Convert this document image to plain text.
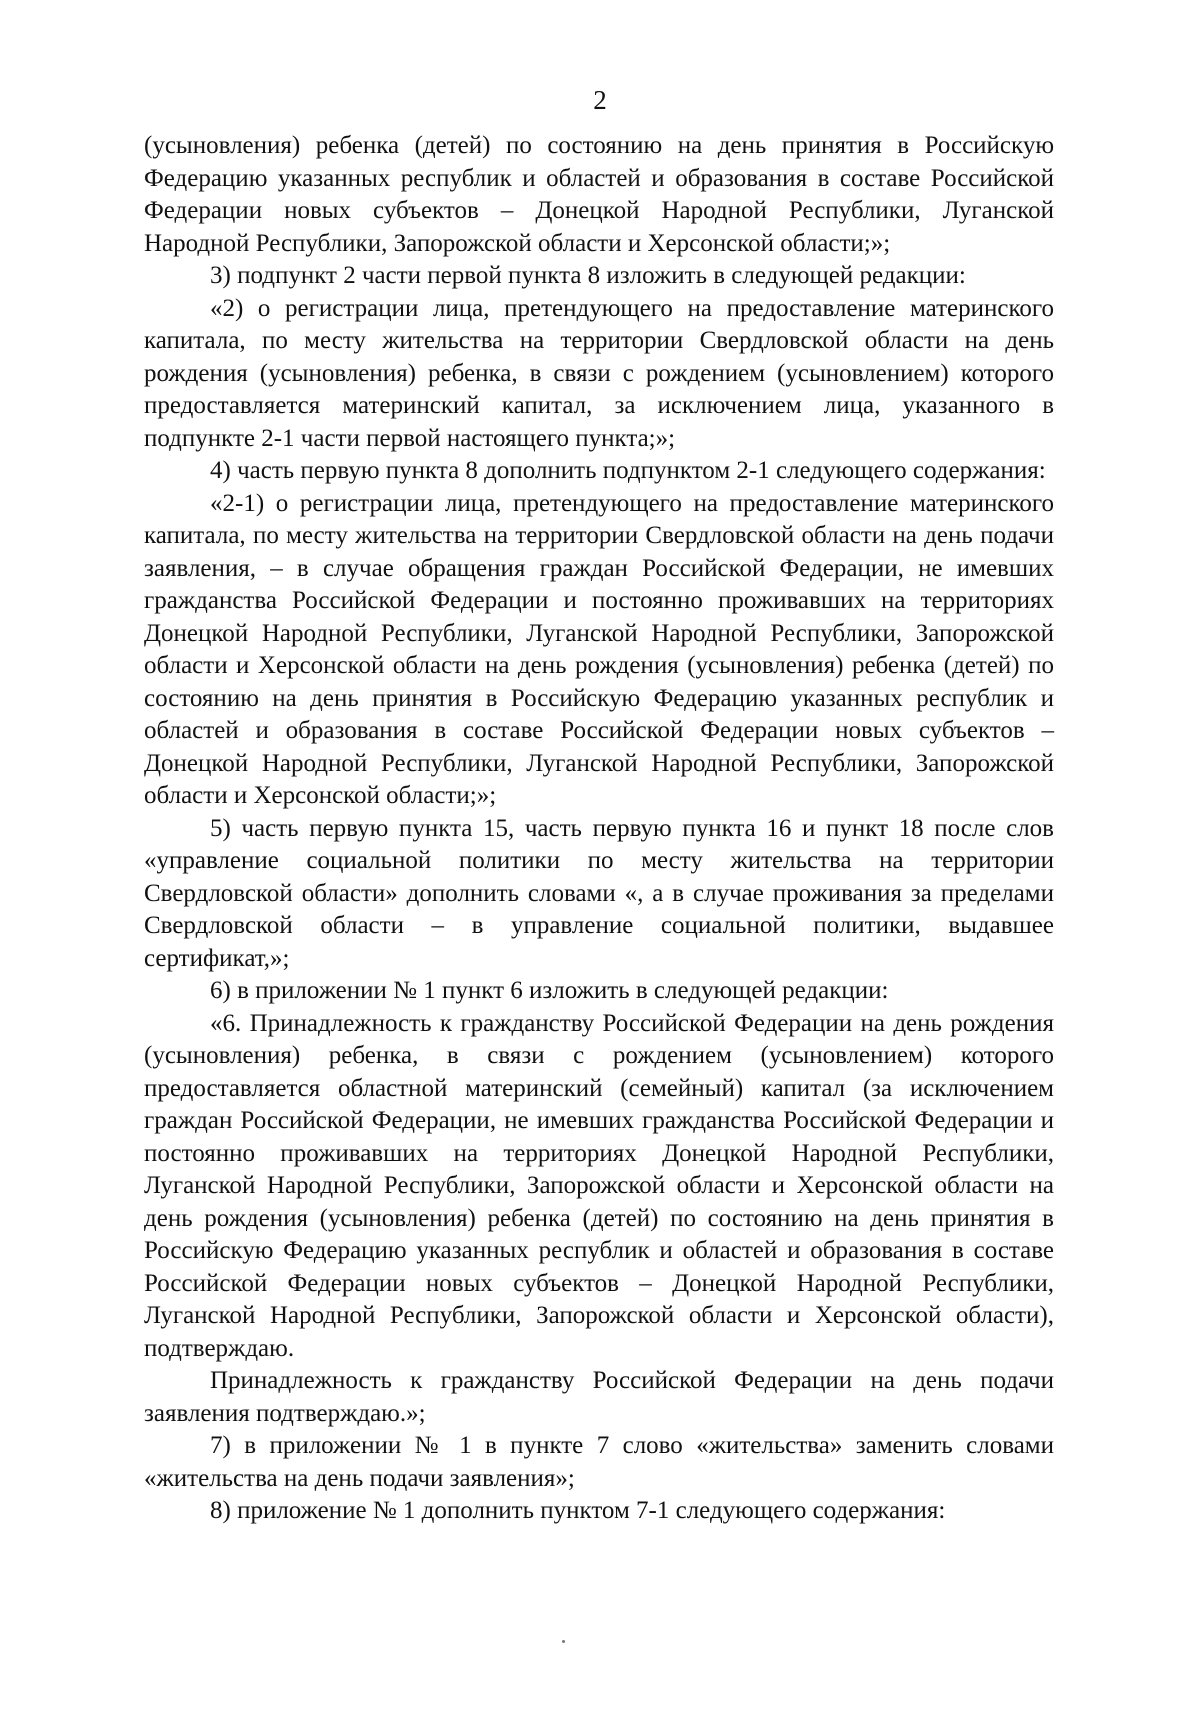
2

(усыновления) ребенка (детей) по состоянию на день принятия в Российскую Федерацию указанных республик и областей и образования в составе Российской Федерации новых субъектов – Донецкой Народной Республики, Луганской Народной Республики, Запорожской области и Херсонской области;»;

3) подпункт 2 части первой пункта 8 изложить в следующей редакции:

«2) о регистрации лица, претендующего на предоставление материнского капитала, по месту жительства на территории Свердловской области на день рождения (усыновления) ребенка, в связи с рождением (усыновлением) которого предоставляется материнский капитал, за исключением лица, указанного в подпункте 2-1 части первой настоящего пункта;»;

4) часть первую пункта 8 дополнить подпунктом 2-1 следующего содержания:

«2-1) о регистрации лица, претендующего на предоставление материнского капитала, по месту жительства на территории Свердловской области на день подачи заявления, – в случае обращения граждан Российской Федерации, не имевших гражданства Российской Федерации и постоянно проживавших на территориях Донецкой Народной Республики, Луганской Народной Республики, Запорожской области и Херсонской области на день рождения (усыновления) ребенка (детей) по состоянию на день принятия в Российскую Федерацию указанных республик и областей и образования в составе Российской Федерации новых субъектов – Донецкой Народной Республики, Луганской Народной Республики, Запорожской области и Херсонской области;»;

5) часть первую пункта 15, часть первую пункта 16 и пункт 18 после слов «управление социальной политики по месту жительства на территории Свердловской области» дополнить словами «, а в случае проживания за пределами Свердловской области – в управление социальной политики, выдавшее сертификат,»;

6) в приложении № 1 пункт 6 изложить в следующей редакции:

«6. Принадлежность к гражданству Российской Федерации на день рождения (усыновления) ребенка, в связи с рождением (усыновлением) которого предоставляется областной материнский (семейный) капитал (за исключением граждан Российской Федерации, не имевших гражданства Российской Федерации и постоянно проживавших на территориях Донецкой Народной Республики, Луганской Народной Республики, Запорожской области и Херсонской области на день рождения (усыновления) ребенка (детей) по состоянию на день принятия в Российскую Федерацию указанных республик и областей и образования в составе Российской Федерации новых субъектов – Донецкой Народной Республики, Луганской Народной Республики, Запорожской области и Херсонской области), подтверждаю.

Принадлежность к гражданству Российской Федерации на день подачи заявления подтверждаю.»;

7) в приложении № 1 в пункте 7 слово «жительства» заменить словами «жительства на день подачи заявления»;

8) приложение № 1 дополнить пунктом 7-1 следующего содержания:
